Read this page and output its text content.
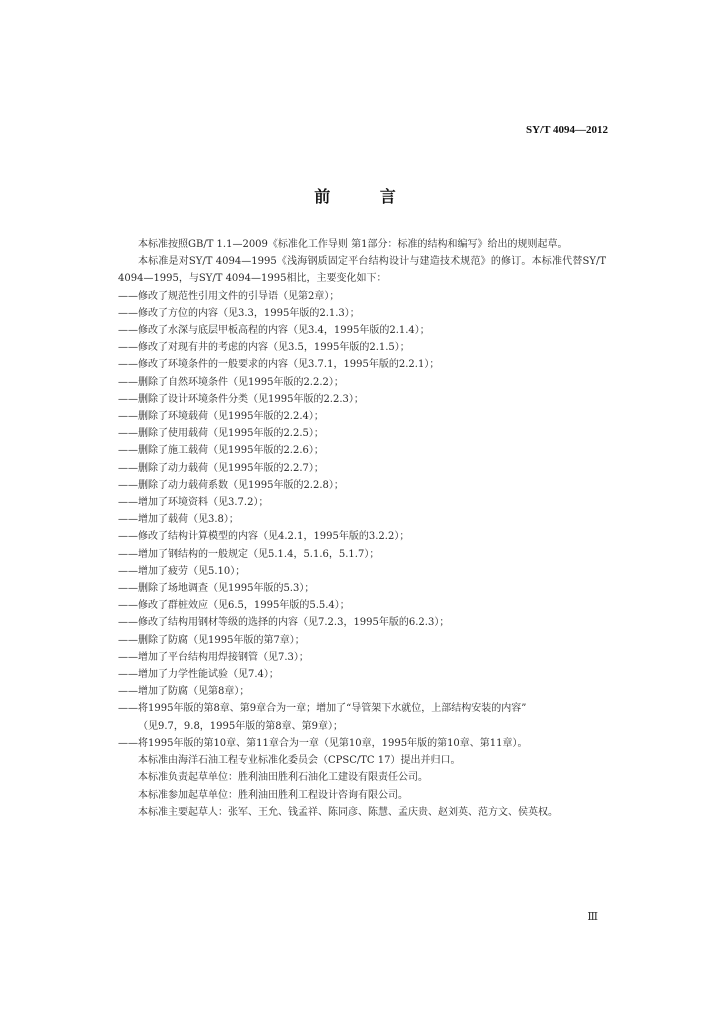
SY/T 4094—2012
前 言

本标准按照GB/T 1.1—2009《标准化工作导则 第1部分：标准的结构和编写》给出的规则起草。

本标准是对SY/T 4094—1995《浅海钢质固定平台结构设计与建造技术规范》的修订。本标准代替SY/T 4094—1995，与SY/T 4094—1995相比，主要变化如下：

——修改了规范性引用文件的引导语（见第2章）；

——修改了方位的内容（见3.3，1995年版的2.1.3）；

——修改了水深与底层甲板高程的内容（见3.4，1995年版的2.1.4）；

——修改了对现有井的考虑的内容（见3.5，1995年版的2.1.5）；

——修改了环境条件的一般要求的内容（见3.7.1，1995年版的2.2.1）；

——删除了自然环境条件（见1995年版的2.2.2）；

——删除了设计环境条件分类（见1995年版的2.2.3）；

——删除了环境载荷（见1995年版的2.2.4）；

——删除了使用载荷（见1995年版的2.2.5）；

——删除了施工载荷（见1995年版的2.2.6）；

——删除了动力载荷（见1995年版的2.2.7）；

——删除了动力载荷系数（见1995年版的2.2.8）；

——增加了环境资料（见3.7.2）；

——增加了载荷（见3.8）；

——修改了结构计算模型的内容（见4.2.1，1995年版的3.2.2）；

——增加了钢结构的一般规定（见5.1.4，5.1.6，5.1.7）；

——增加了疲劳（见5.10）；

——删除了场地调查（见1995年版的5.3）；

——修改了群桩效应（见6.5，1995年版的5.5.4）；

——修改了结构用钢材等级的选择的内容（见7.2.3，1995年版的6.2.3）；

——删除了防腐（见1995年版的第7章）；

——增加了平台结构用焊接钢管（见7.3）；

——增加了力学性能试验（见7.4）；

——增加了防腐（见第8章）；

——将1995年版的第8章、第9章合为一章；增加了“导管架下水就位，上部结构安装的内容”

（见9.7，9.8，1995年版的第8章、第9章）；

——将1995年版的第10章、第11章合为一章（见第10章，1995年版的第10章、第11章）。

本标准由海洋石油工程专业标准化委员会（CPSC/TC 17）提出并归口。

本标准负责起草单位：胜利油田胜利石油化工建设有限责任公司。

本标准参加起草单位：胜利油田胜利工程设计咨询有限公司。

本标准主要起草人：张军、王允、钱孟祥、陈同彦、陈慧、孟庆贵、赵刘英、范方文、侯英权。

Ⅲ
